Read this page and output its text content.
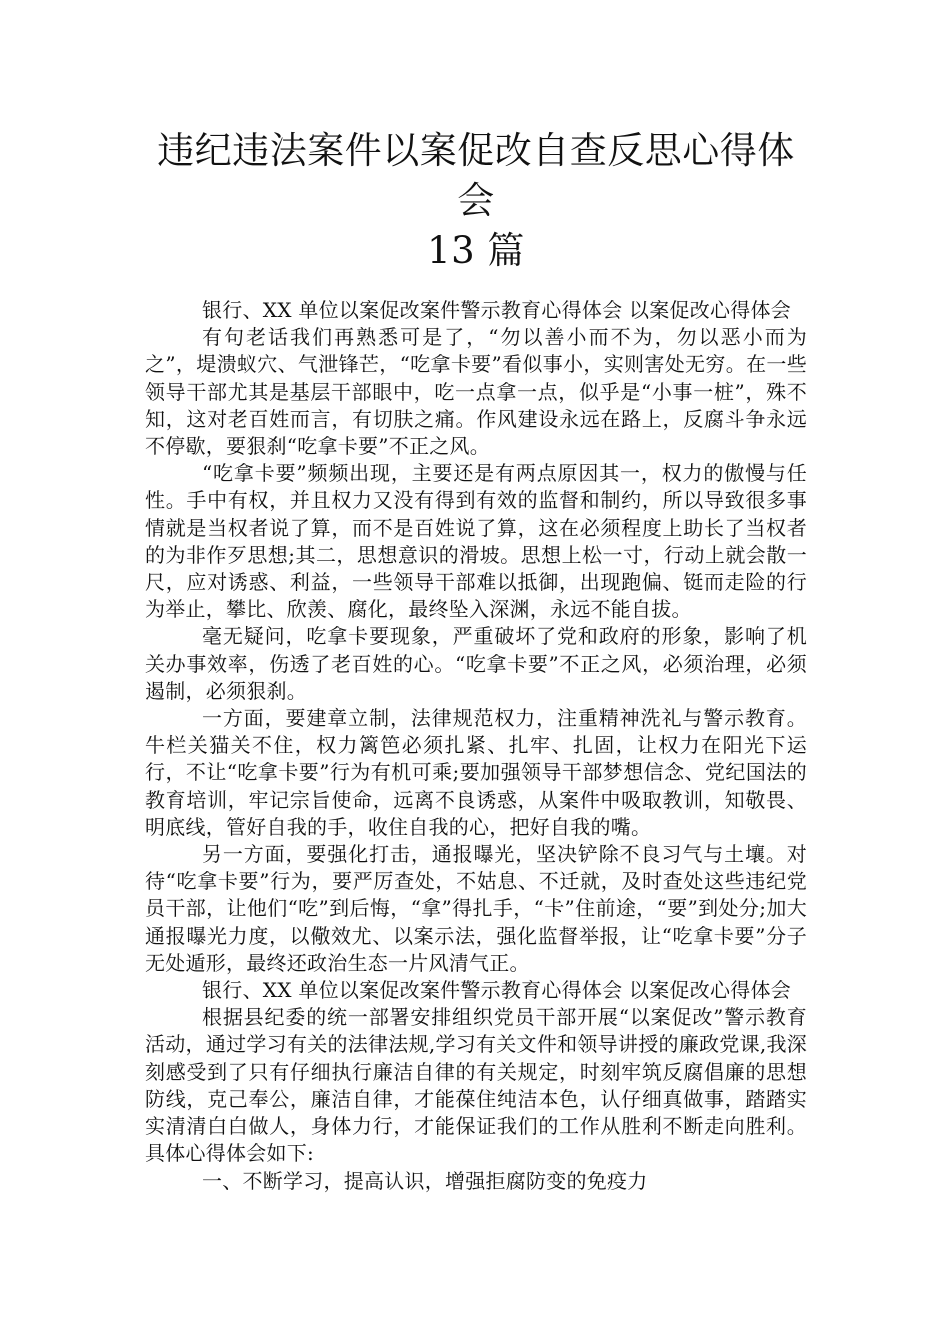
违纪违法案件以案促改自查反思心得体会
13 篇

银行、XX 单位以案促改案件警示教育心得体会 以案促改心得体会

有句老话我们再熟悉可是了，“勿以善小而不为，勿以恶小而为之”，堤溃蚁穴、气泄锋芒，“吃拿卡要”看似事小，实则害处无穷。在一些领导干部尤其是基层干部眼中，吃一点拿一点，似乎是“小事一桩”，殊不知，这对老百姓而言，有切肤之痛。作风建设永远在路上，反腐斗争永远不停歇，要狠刹“吃拿卡要”不正之风。

“吃拿卡要”频频出现，主要还是有两点原因其一，权力的傲慢与任性。手中有权，并且权力又没有得到有效的监督和制约，所以导致很多事情就是当权者说了算，而不是百姓说了算，这在必须程度上助长了当权者的为非作歹思想;其二，思想意识的滑坡。思想上松一寸，行动上就会散一尺，应对诱惑、利益，一些领导干部难以抵御，出现跑偏、铤而走险的行为举止，攀比、欣羡、腐化，最终坠入深渊，永远不能自拔。

毫无疑问，吃拿卡要现象，严重破坏了党和政府的形象，影响了机关办事效率，伤透了老百姓的心。“吃拿卡要”不正之风，必须治理，必须遏制，必须狠刹。

一方面，要建章立制，法律规范权力，注重精神洗礼与警示教育。牛栏关猫关不住，权力篱笆必须扎紧、扎牢、扎固，让权力在阳光下运行，不让“吃拿卡要”行为有机可乘;要加强领导干部梦想信念、党纪国法的教育培训，牢记宗旨使命，远离不良诱惑，从案件中吸取教训，知敬畏、明底线，管好自我的手，收住自我的心，把好自我的嘴。

另一方面，要强化打击，通报曝光，坚决铲除不良习气与土壤。对待“吃拿卡要”行为，要严厉查处，不姑息、不迁就，及时查处这些违纪党员干部，让他们“吃”到后悔，“拿”得扎手，“卡”住前途，“要”到处分;加大通报曝光力度，以儆效尤、以案示法，强化监督举报，让“吃拿卡要”分子无处遁形，最终还政治生态一片风清气正。

银行、XX 单位以案促改案件警示教育心得体会 以案促改心得体会

根据县纪委的统一部署安排组织党员干部开展“以案促改”警示教育活动，通过学习有关的法律法规,学习有关文件和领导讲授的廉政党课,我深刻感受到了只有仔细执行廉洁自律的有关规定，时刻牢筑反腐倡廉的思想防线，克己奉公，廉洁自律，才能葆住纯洁本色，认仔细真做事，踏踏实实清清白白做人，身体力行，才能保证我们的工作从胜利不断走向胜利。具体心得体会如下:

一、不断学习，提高认识，增强拒腐防变的免疫力
